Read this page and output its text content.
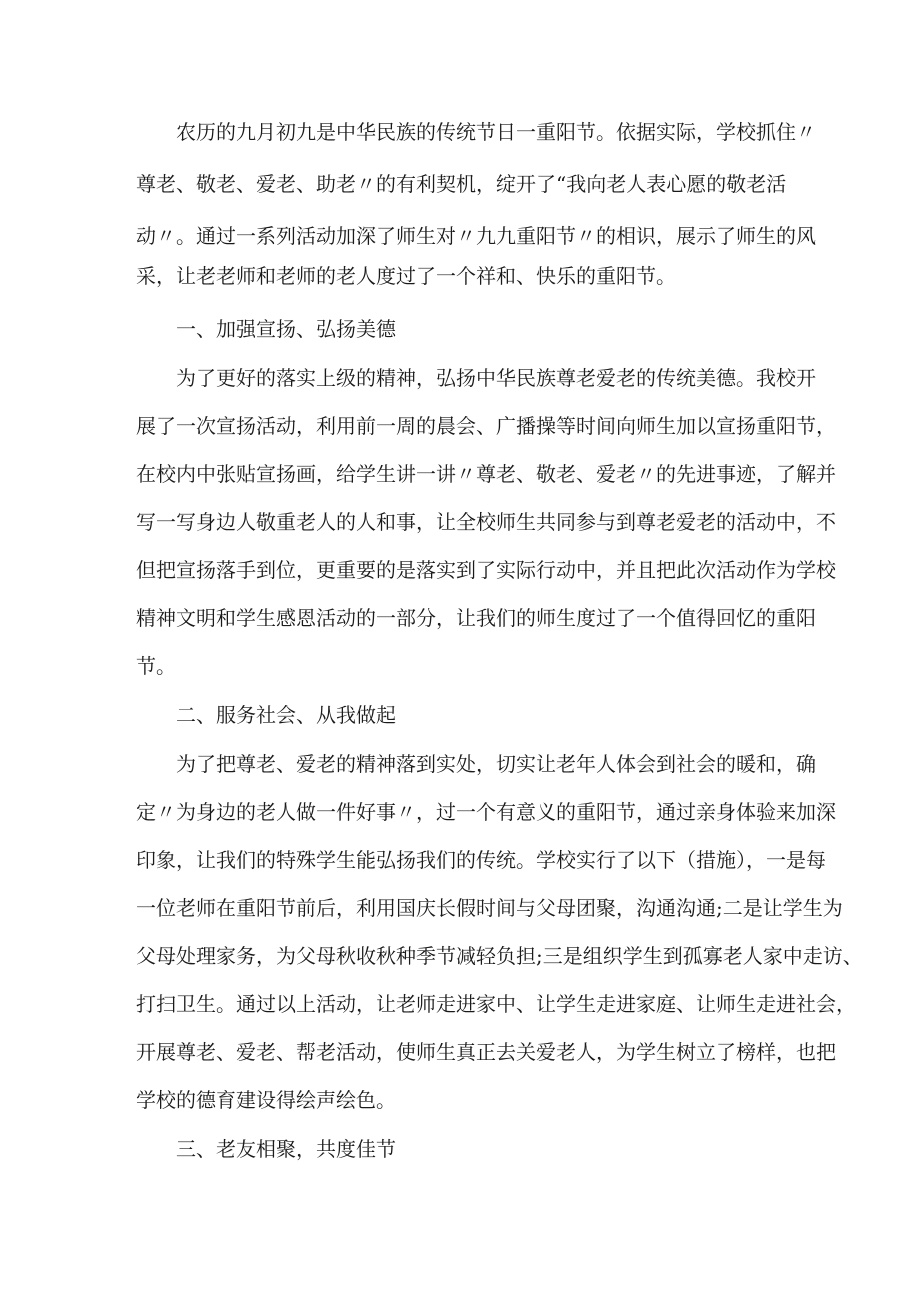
　　农历的九月初九是中华民族的传统节日一重阳节。依据实际，学校抓住〃
尊老、敬老、爱老、助老〃的有利契机，绽开了“我向老人表心愿的敬老活
动〃。通过一系列活动加深了师生对〃九九重阳节〃的相识，展示了师生的风
采，让老老师和老师的老人度过了一个祥和、快乐的重阳节。
　　一、加强宣扬、弘扬美德
　　为了更好的落实上级的精神，弘扬中华民族尊老爱老的传统美德。我校开
展了一次宣扬活动，利用前一周的晨会、广播操等时间向师生加以宣扬重阳节，
在校内中张贴宣扬画，给学生讲一讲〃尊老、敬老、爱老〃的先进事迹，了解并
写一写身边人敬重老人的人和事，让全校师生共同参与到尊老爱老的活动中，不
但把宣扬落手到位，更重要的是落实到了实际行动中，并且把此次活动作为学校
精神文明和学生感恩活动的一部分，让我们的师生度过了一个值得回忆的重阳
节。
　　二、服务社会、从我做起
　　为了把尊老、爱老的精神落到实处，切实让老年人体会到社会的暖和，确
定〃为身边的老人做一件好事〃，过一个有意义的重阳节，通过亲身体验来加深
印象，让我们的特殊学生能弘扬我们的传统。学校实行了以下（措施），一是每
一位老师在重阳节前后，利用国庆长假时间与父母团聚，沟通沟通;二是让学生为
父母处理家务，为父母秋收秋种季节减轻负担;三是组织学生到孤寡老人家中走访、
打扫卫生。通过以上活动，让老师走进家中、让学生走进家庭、让师生走进社会，
开展尊老、爱老、帮老活动，使师生真正去关爱老人，为学生树立了榜样，也把
学校的德育建设得绘声绘色。
　　三、老友相聚，共度佳节
